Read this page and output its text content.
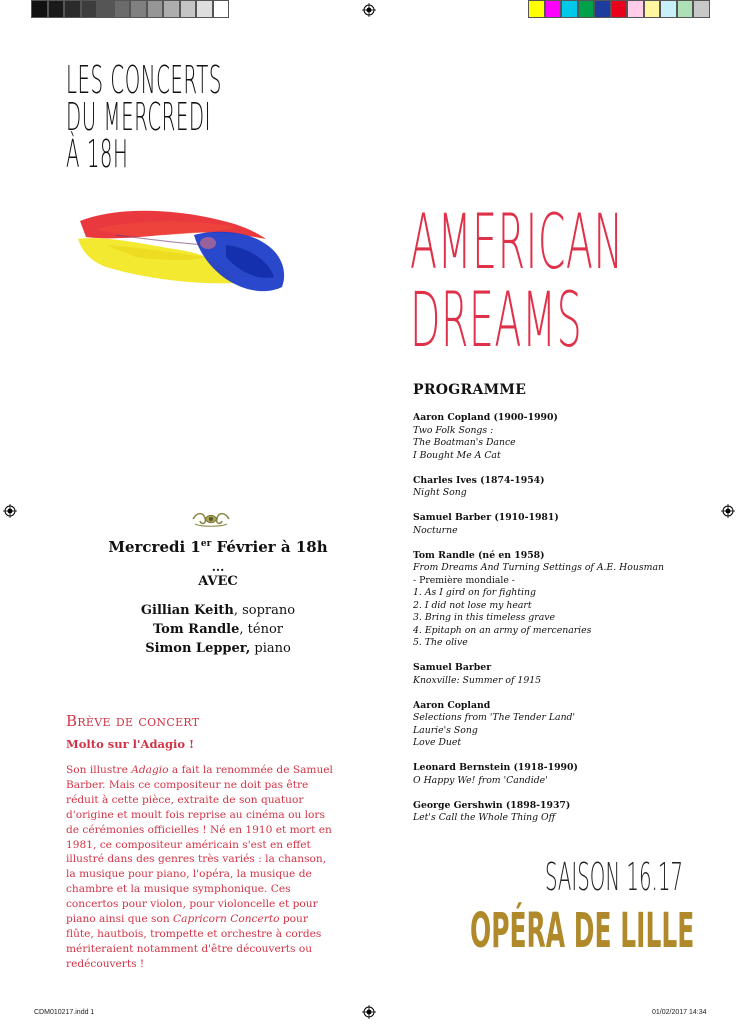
LES CONCERTS
DU MERCREDI
À 18H
AMERICAN
DREAMS
PROGRAMME
Aaron Copland (1900-1990)
Two Folk Songs :
The Boatman's Dance
I Bought Me A Cat
Charles Ives (1874-1954)
Night Song
Samuel Barber (1910-1981)
Nocturne
Tom Randle (né en 1958)
From Dreams And Turning Settings of A.E. Housman
- Première mondiale -
1. As I gird on for fighting
2. I did not lose my heart
3. Bring in this timeless grave
4. Epitaph on an army of mercenaries
5. The olive
Samuel Barber
Knoxville: Summer of 1915
Aaron Copland
Selections from 'The Tender Land'
Laurie's Song
Love Duet
Leonard Bernstein (1918-1990)
O Happy We! from 'Candide'
George Gershwin (1898-1937)
Let's Call the Whole Thing Off
Mercredi 1er Février à 18h
...
AVEC
Gillian Keith, soprano
Tom Randle, ténor
Simon Lepper, piano
Brève de concert
Molto sur l'Adagio !
Son illustre Adagio a fait la renommée de Samuel Barber. Mais ce compositeur ne doit pas être réduit à cette pièce, extraite de son quatuor d'origine et moult fois reprise au cinéma ou lors de cérémonies officielles ! Né en 1910 et mort en 1981, ce compositeur américain s'est en effet illustré dans des genres très variés : la chanson, la musique pour piano, l'opéra, la musique de chambre et la musique symphonique. Ces concertos pour violon, pour violoncelle et pour piano ainsi que son Capricorn Concerto pour flûte, hautbois, trompette et orchestre à cordes mériteraient notamment d'être découverts ou redécouverts !
SAISON 16.17
OPÉRA DE LILLE
CDM010217.indd 1	01/02/2017 14:34
